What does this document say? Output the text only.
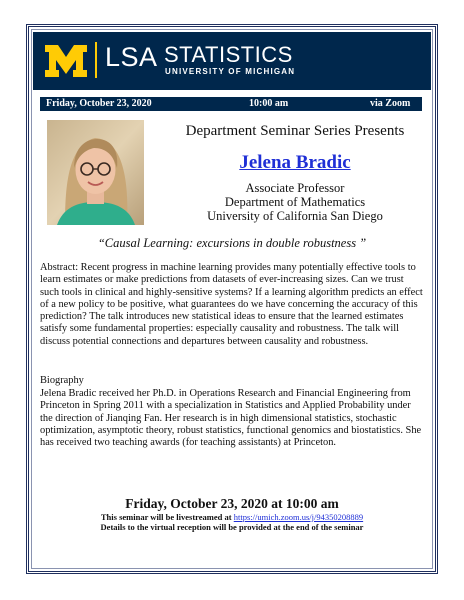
LSA STATISTICS
UNIVERSITY OF MICHIGAN
Friday, October 23, 2020	10:00 am	via Zoom
Department Seminar Series Presents
Jelena Bradic
Associate Professor
Department of Mathematics
University of California San Diego
“Causal Learning: excursions in double robustness ”
Abstract: Recent progress in machine learning provides many potentially effective tools to learn estimates or make predictions from datasets of ever-increasing sizes. Can we trust such tools in clinical and highly-sensitive systems? If a learning algorithm predicts an effect of a new policy to be positive, what guarantees do we have concerning the accuracy of this prediction? The talk introduces new statistical ideas to ensure that the learned estimates satisfy some fundamental properties: especially causality and robustness. The talk will discuss potential connections and departures between causality and robustness.
Biography
Jelena Bradic received her Ph.D. in Operations Research and Financial Engineering from Princeton in Spring 2011 with a specialization in Statistics and Applied Probability under the direction of Jianqing Fan. Her research is in high dimensional statistics, stochastic optimization, asymptotic theory, robust statistics, functional genomics and biostatistics. She has received two teaching awards (for teaching assistants) at Princeton.
Friday, October 23, 2020 at 10:00 am
This seminar will be livestreamed at https://umich.zoom.us/j/94350208889
Details to the virtual reception will be provided at the end of the seminar
